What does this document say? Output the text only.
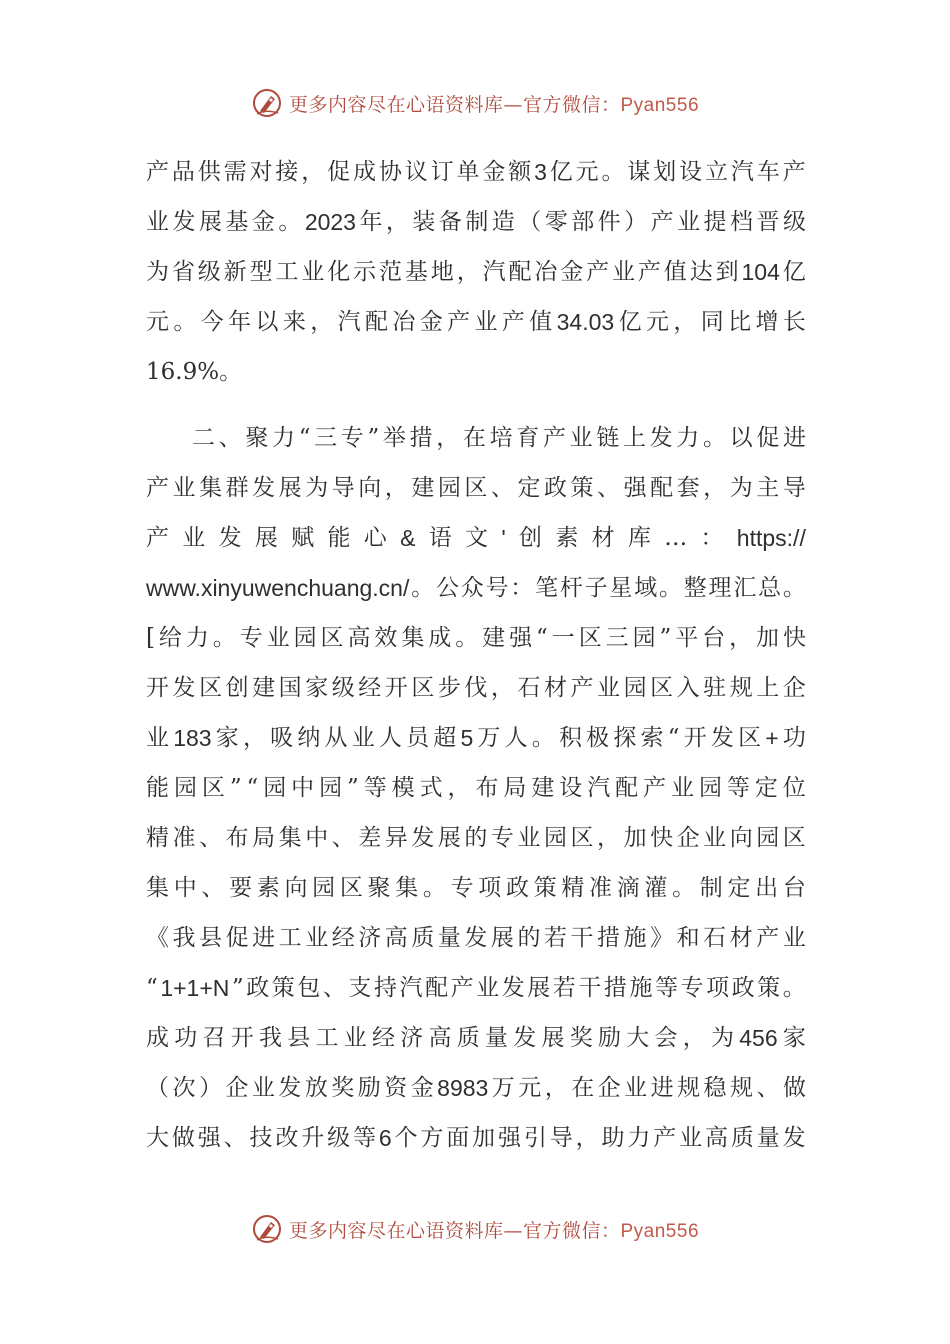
更多内容尽在心语资料库—官方微信：Pyan556
产 品 供 需 对 接 ， 促 成 协 议 订 单 金 额 3 亿 元 。 谋 划 设 立 汽 车 产
业 发 展 基 金 。 2023 年 ， 装 备 制 造 （ 零 部 件 ） 产 业 提 档 晋 级
为 省 级 新 型 工 业 化 示 范 基 地 ， 汽 配 冶 金 产 业 产 值 达 到 104 亿
元 。 今 年 以 来 ， 汽 配 冶 金 产 业 产 值 34.03 亿 元 ， 同 比 增 长
16.9%。
二 、 聚 力 “ 三 专 ” 举 措 ， 在 培 育 产 业 链 上 发 力 。 以 促 进
产 业 集 群 发 展 为 导 向 ， 建 园 区 、 定 政 策 、 强 配 套 ， 为 主 导
产 业 发 展 赋 能 心 & 语 文 ' 创 素 材 库 … ： https://
www.xinyuwenchuang.cn/ 。 公 众 号 ： 笔 杆 子 星 域 。 整 理 汇 总 。
[ 给 力 。 专 业 园 区 高 效 集 成 。 建 强 “ 一 区 三 园 ” 平 台 ， 加 快
开 发 区 创 建 国 家 级 经 开 区 步 伐 ， 石 材 产 业 园 区 入 驻 规 上 企
业 183 家 ， 吸 纳 从 业 人 员 超 5 万 人 。 积 极 探 索 “ 开 发 区 + 功
能 园 区 ” “ 园 中 园 ” 等 模 式 ， 布 局 建 设 汽 配 产 业 园 等 定 位
精 准 、 布 局 集 中 、 差 异 发 展 的 专 业 园 区 ， 加 快 企 业 向 园 区
集 中 、 要 素 向 园 区 聚 集 。 专 项 政 策 精 准 滴 灌 。 制 定 出 台
《 我 县 促 进 工 业 经 济 高 质 量 发 展 的 若 干 措 施 》 和 石 材 产 业
“ 1+1+N ” 政 策 包 、 支 持 汽 配 产 业 发 展 若 干 措 施 等 专 项 政 策 。
成 功 召 开 我 县 工 业 经 济 高 质 量 发 展 奖 励 大 会 ， 为 456 家
（ 次 ） 企 业 发 放 奖 励 资 金 8983 万 元 ， 在 企 业 进 规 稳 规 、 做
大 做 强 、 技 改 升 级 等 6 个 方 面 加 强 引 导 ， 助 力 产 业 高 质 量 发
更多内容尽在心语资料库—官方微信：Pyan556
